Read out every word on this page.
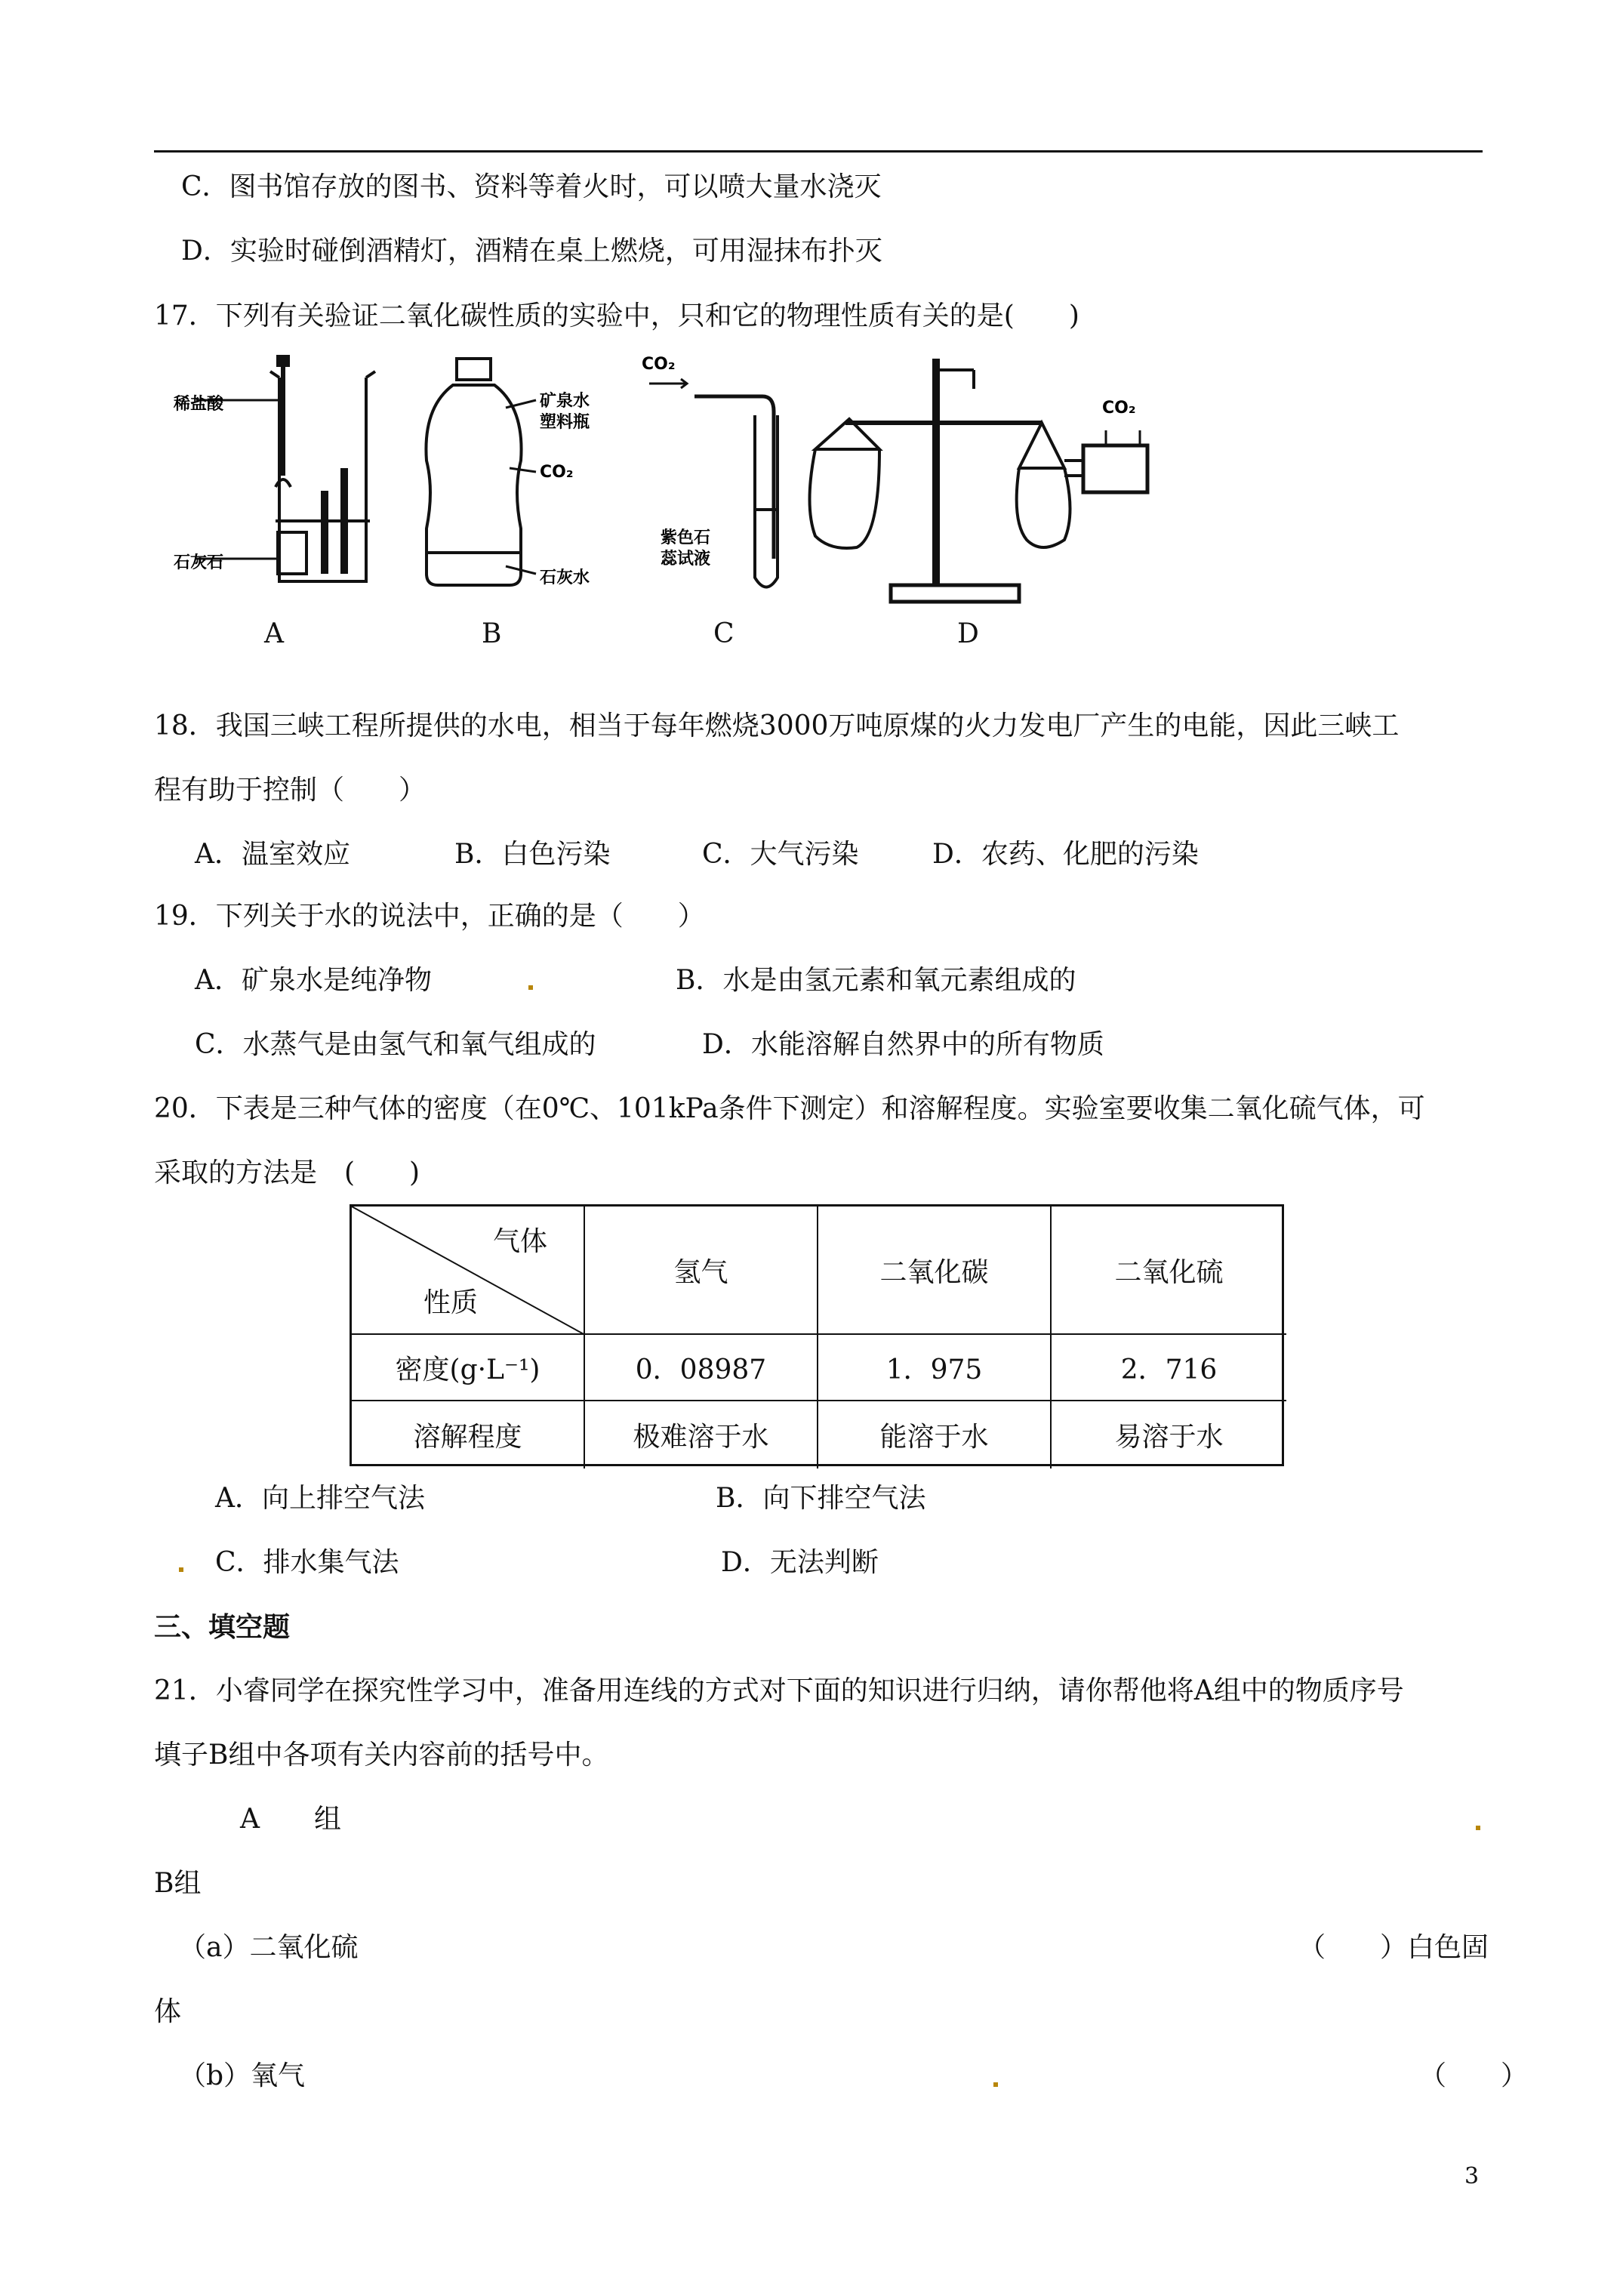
C．图书馆存放的图书、资料等着火时，可以喷大量水浇灭
D．实验时碰倒酒精灯，酒精在桌上燃烧，可用湿抹布扑灭
17．下列有关验证二氧化碳性质的实验中，只和它的物理性质有关的是(　　)
稀盐酸
石灰石
矿泉水
塑料瓶
CO₂
石灰水
CO₂
紫色石
蕊试液
CO₂
A	B	C	D
18．我国三峡工程所提供的水电，相当于每年燃烧3000万吨原煤的火力发电厂产生的电能，因此三峡工
程有助于控制（　　）
A．温室效应	B．白色污染	C．大气污染	D．农药、化肥的污染
19．下列关于水的说法中，正确的是（　　）
A．矿泉水是纯净物	B．水是由氢元素和氧元素组成的
C．水蒸气是由氢气和氧气组成的	D．水能溶解自然界中的所有物质
20．下表是三种气体的密度（在0℃、101kPa条件下测定）和溶解程度。实验室要收集二氧化硫气体，可
采取的方法是　(　　)
气体
性质
氢气	二氧化碳	二氧化硫
密度(g·L⁻¹)	0．08987	1．975	2．716
溶解程度	极难溶于水	能溶于水	易溶于水
A．向上排空气法	B．向下排空气法
C．排水集气法	D．无法判断
三、填空题
21．小睿同学在探究性学习中，准备用连线的方式对下面的知识进行归纳，请你帮他将A组中的物质序号
填子B组中各项有关内容前的括号中。
A　　组
B组
（a）二氧化硫	（　　）白色固
体
（b）氧气	（　　）
3
